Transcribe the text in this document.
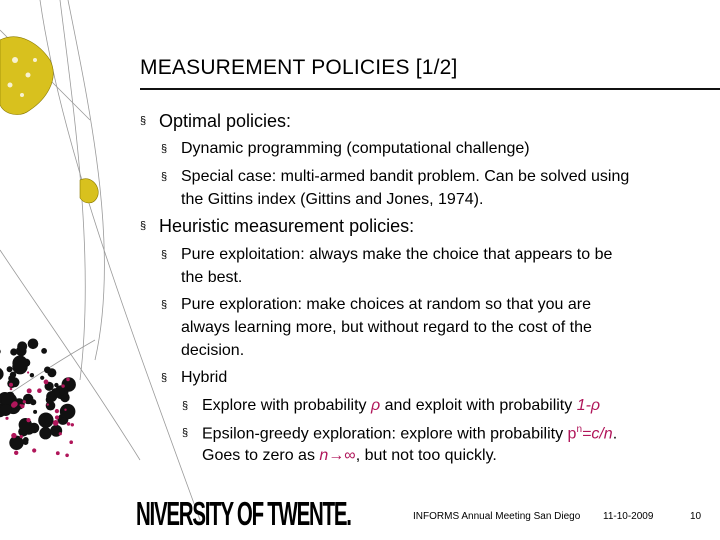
MEASUREMENT POLICIES [1/2]
§ Optimal policies:
§ Dynamic programming (computational challenge)
§ Special case: multi-armed bandit problem. Can be solved using
the Gittins index (Gittins and Jones, 1974).
§ Heuristic measurement policies:
§ Pure exploitation: always make the choice that appears to be
the best.
§ Pure exploration: make choices at random so that you are
always learning more, but without regard to the cost of the
decision.
§ Hybrid
§ Explore with probability ρ and exploit with probability 1-ρ
§ Epsilon-greedy exploration: explore with probability $p^n=c/n$.
Goes to zero as n→∞, but not too quickly.
NIVERSITY OF TWENTE.	INFORMS Annual Meeting San Diego 11-10-2009	10
